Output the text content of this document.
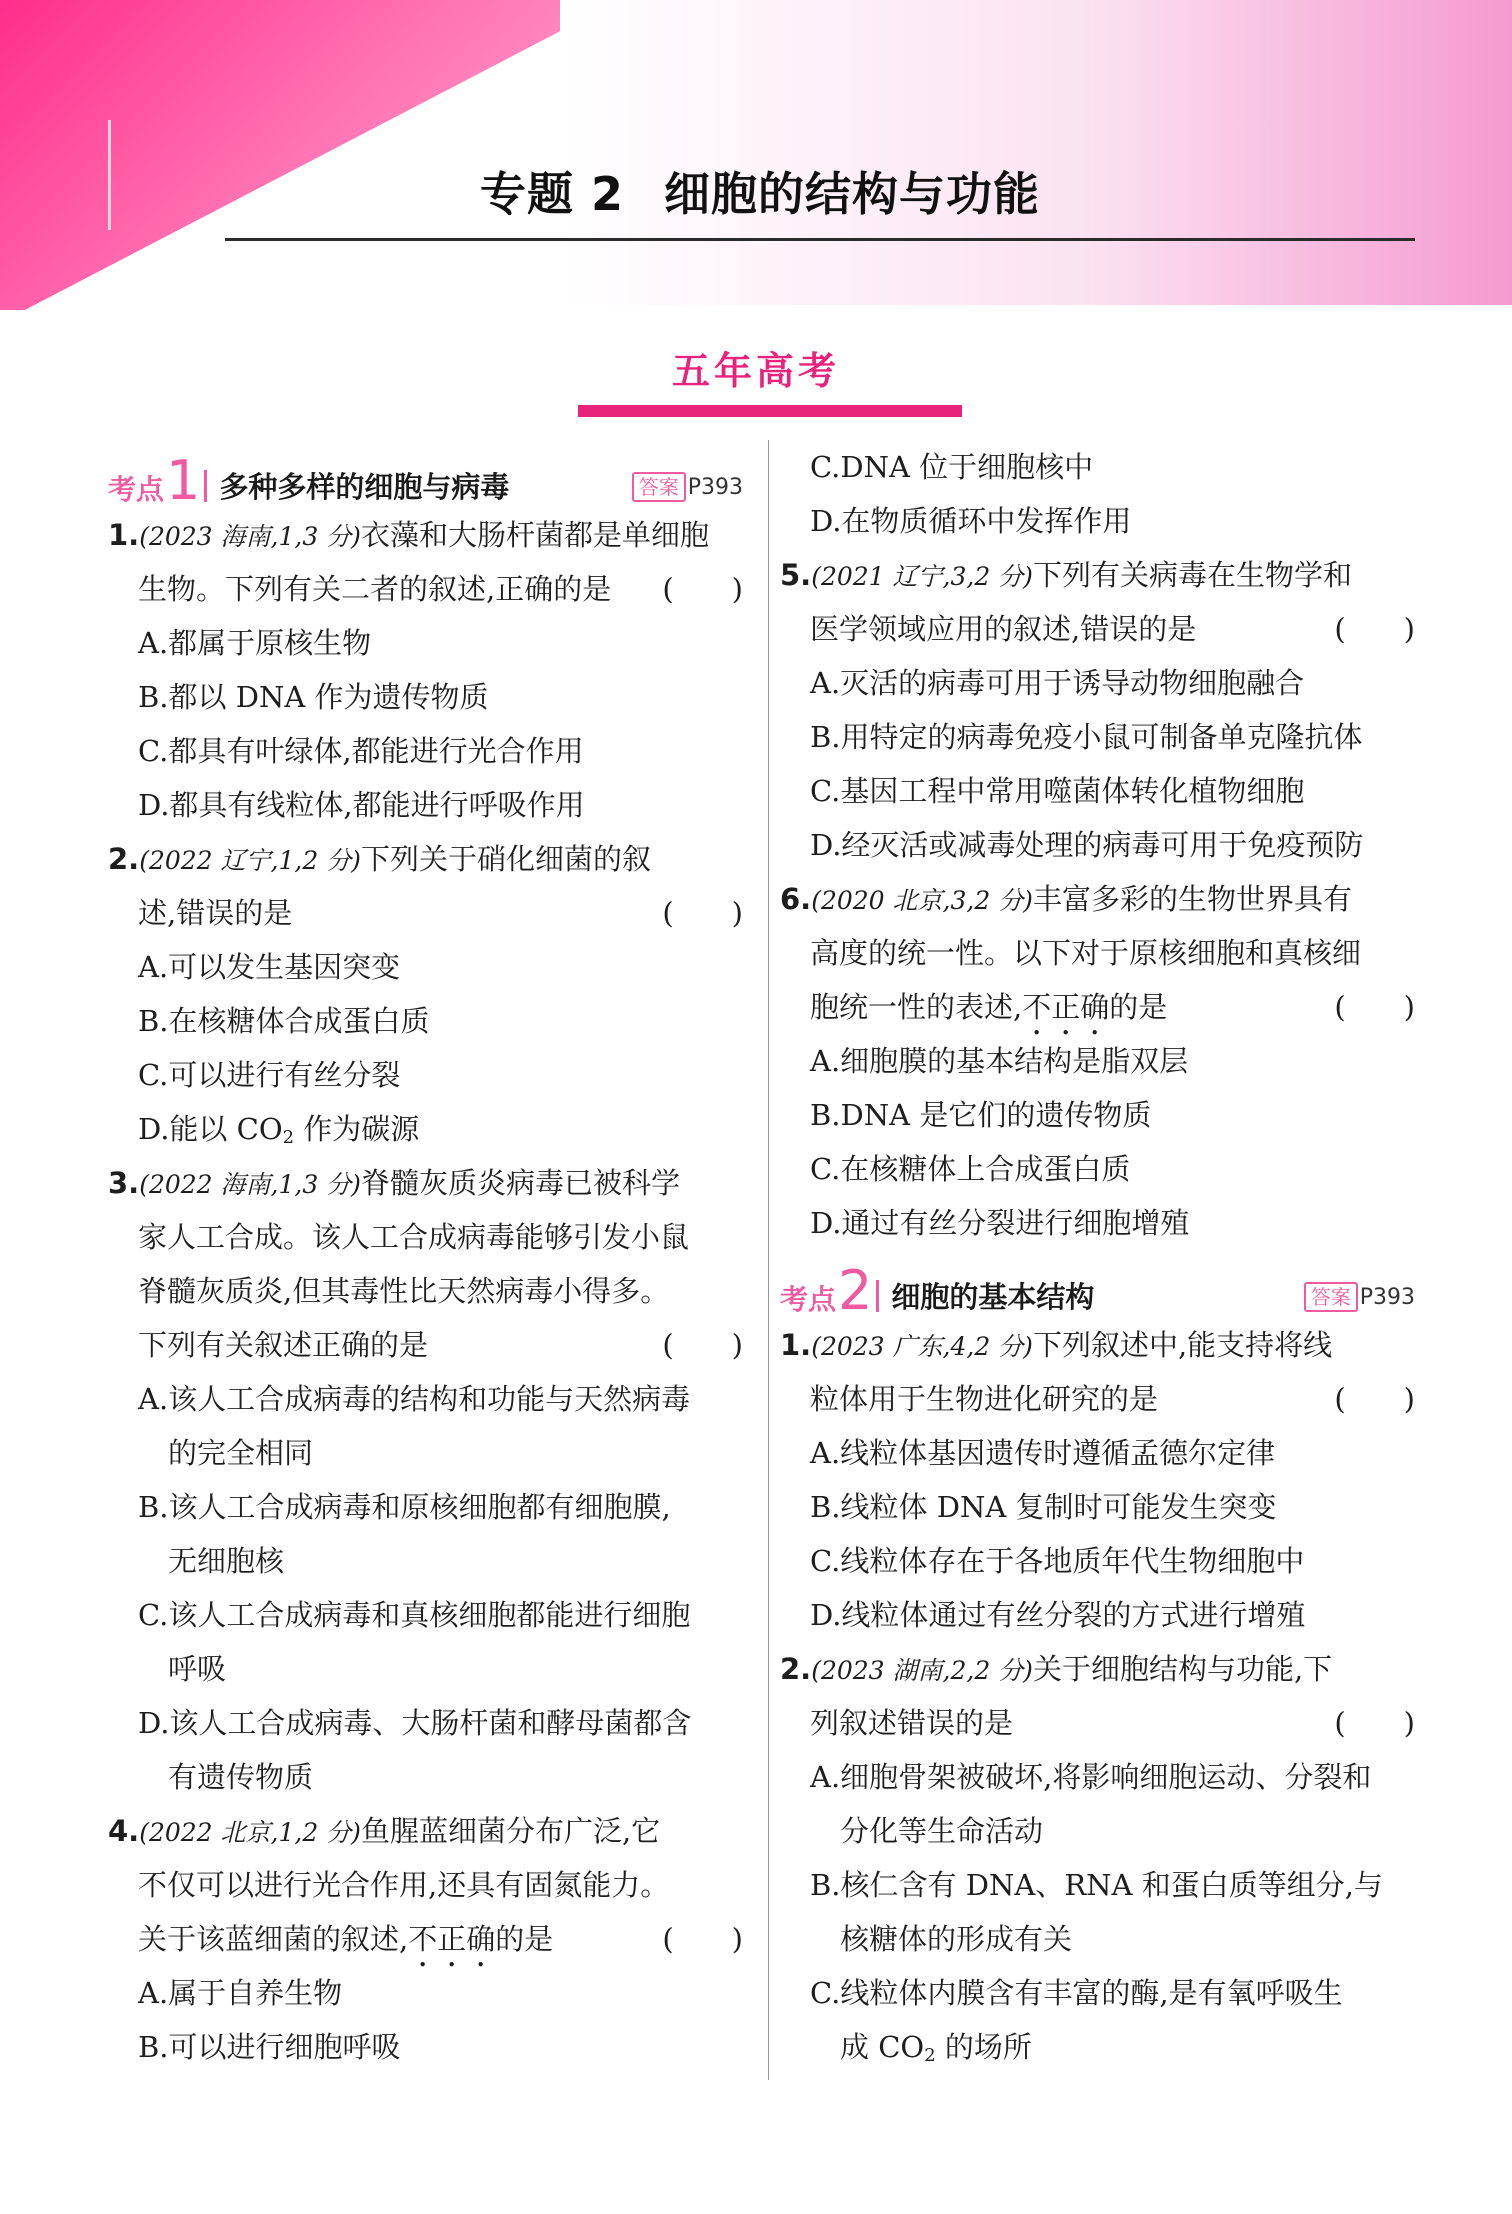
专题 2 细胞的结构与功能
五年高考
考点 1 多种多样的细胞与病毒	答案 P393
1.(2023 海南,1,3 分)衣藻和大肠杆菌都是单细胞
生物。下列有关二者的叙述,正确的是 (　　)
A.都属于原核生物
B.都以 DNA 作为遗传物质
C.都具有叶绿体,都能进行光合作用
D.都具有线粒体,都能进行呼吸作用
2.(2022 辽宁,1,2 分)下列关于硝化细菌的叙
述,错误的是	(　　)
A.可以发生基因突变
B.在核糖体合成蛋白质
C.可以进行有丝分裂
D.能以 $CO_2$ 作为碳源
3.(2022 海南,1,3 分)脊髓灰质炎病毒已被科学
家人工合成。该人工合成病毒能够引发小鼠
脊髓灰质炎,但其毒性比天然病毒小得多。
下列有关叙述正确的是	(　　)
A.该人工合成病毒的结构和功能与天然病毒
的完全相同
B.该人工合成病毒和原核细胞都有细胞膜,
无细胞核
C.该人工合成病毒和真核细胞都能进行细胞
呼吸
D.该人工合成病毒、大肠杆菌和酵母菌都含
有遗传物质
4.(2022 北京,1,2 分)鱼腥蓝细菌分布广泛,它
不仅可以进行光合作用,还具有固氮能力。
关于该蓝细菌的叙述,不正确的是	(　　)
A.属于自养生物
B.可以进行细胞呼吸
C.DNA 位于细胞核中
D.在物质循环中发挥作用
5.(2021 辽宁,3,2 分)下列有关病毒在生物学和
医学领域应用的叙述,错误的是	(　　)
A.灭活的病毒可用于诱导动物细胞融合
B.用特定的病毒免疫小鼠可制备单克隆抗体
C.基因工程中常用噬菌体转化植物细胞
D.经灭活或减毒处理的病毒可用于免疫预防
6.(2020 北京,3,2 分)丰富多彩的生物世界具有
高度的统一性。以下对于原核细胞和真核细
胞统一性的表述,不正确的是	(　　)
A.细胞膜的基本结构是脂双层
B.DNA 是它们的遗传物质
C.在核糖体上合成蛋白质
D.通过有丝分裂进行细胞增殖
考点 2 细胞的基本结构	答案 P393
1.(2023 广东,4,2 分)下列叙述中,能支持将线
粒体用于生物进化研究的是	(　　)
A.线粒体基因遗传时遵循孟德尔定律
B.线粒体 DNA 复制时可能发生突变
C.线粒体存在于各地质年代生物细胞中
D.线粒体通过有丝分裂的方式进行增殖
2.(2023 湖南,2,2 分)关于细胞结构与功能,下
列叙述错误的是	(　　)
A.细胞骨架被破坏,将影响细胞运动、分裂和
分化等生命活动
B.核仁含有 DNA、RNA 和蛋白质等组分,与
核糖体的形成有关
C.线粒体内膜含有丰富的酶,是有氧呼吸生
成 $CO_2$ 的场所
